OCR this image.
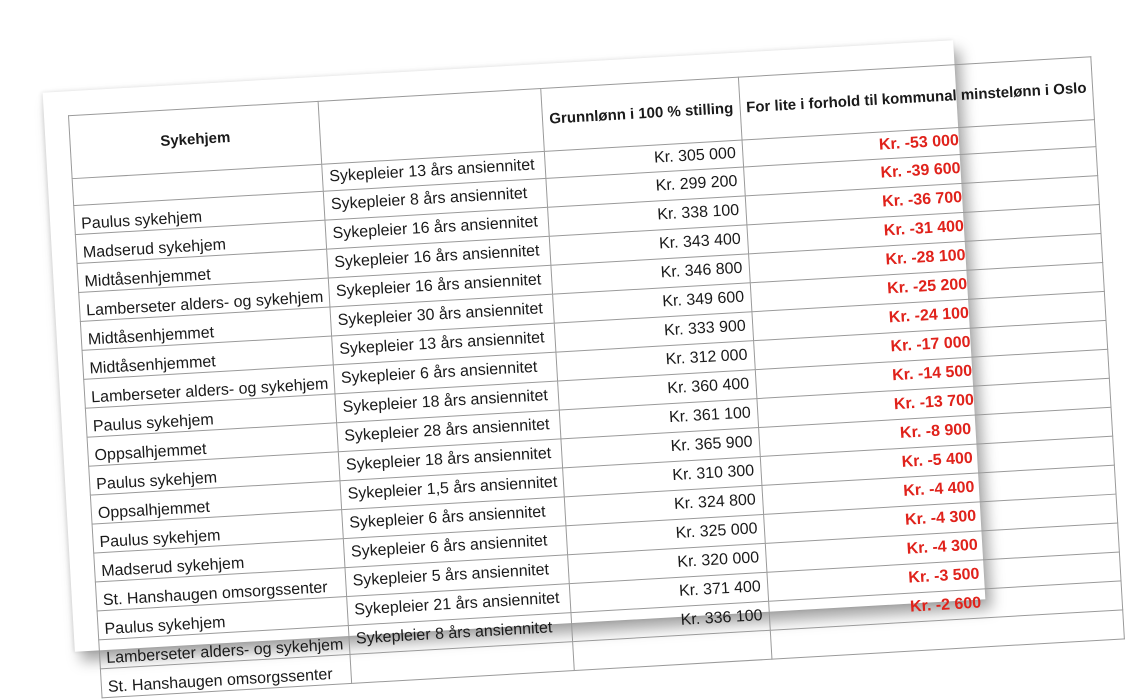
Sykehjem		Grunnlønn i 100 % stilling	For lite i forhold til kommunal minstelønn i Oslo
	Sykepleier 13 års ansiennitet	Kr. 305 000	Kr. -53 000
Paulus sykehjem	Sykepleier 8 års ansiennitet	Kr. 299 200	Kr. -39 600
Madserud sykehjem	Sykepleier 16 års ansiennitet	Kr. 338 100	Kr. -36 700
Midtåsenhjemmet	Sykepleier 16 års ansiennitet	Kr. 343 400	Kr. -31 400
Lamberseter alders- og sykehjem	Sykepleier 16 års ansiennitet	Kr. 346 800	Kr. -28 100
Midtåsenhjemmet	Sykepleier 30 års ansiennitet	Kr. 349 600	Kr. -25 200
Midtåsenhjemmet	Sykepleier 13 års ansiennitet	Kr. 333 900	Kr. -24 100
Lamberseter alders- og sykehjem	Sykepleier 6 års ansiennitet	Kr. 312 000	Kr. -17 000
Paulus sykehjem	Sykepleier 18 års ansiennitet	Kr. 360 400	Kr. -14 500
Oppsalhjemmet	Sykepleier 28 års ansiennitet	Kr. 361 100	Kr. -13 700
Paulus sykehjem	Sykepleier 18 års ansiennitet	Kr. 365 900	Kr. -8 900
Oppsalhjemmet	Sykepleier 1,5 års ansiennitet	Kr. 310 300	Kr. -5 400
Paulus sykehjem	Sykepleier 6 års ansiennitet	Kr. 324 800	Kr. -4 400
Madserud sykehjem	Sykepleier 6 års ansiennitet	Kr. 325 000	Kr. -4 300
St. Hanshaugen omsorgssenter	Sykepleier 5 års ansiennitet	Kr. 320 000	Kr. -4 300
Paulus sykehjem	Sykepleier 21 års ansiennitet	Kr. 371 400	Kr. -3 500
Lamberseter alders- og sykehjem	Sykepleier 8 års ansiennitet	Kr. 336 100	Kr. -2 600
St. Hanshaugen omsorgssenter			
